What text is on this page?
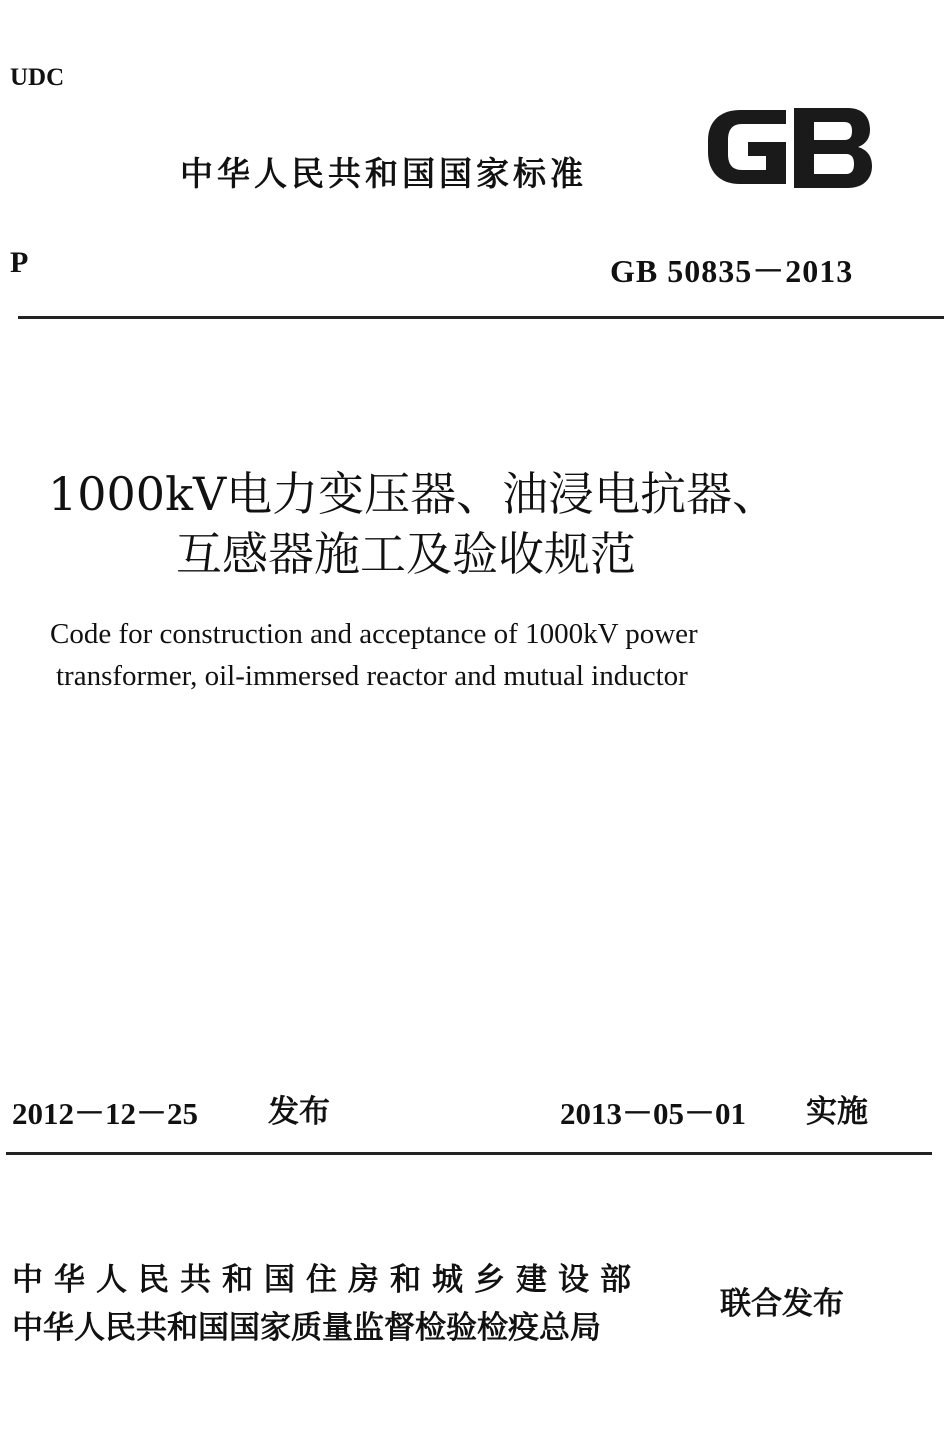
UDC
中华人民共和国国家标准
GB
P	GB 50835－2013
1000kV电力变压器、油浸电抗器、
互感器施工及验收规范
Code for construction and acceptance of 1000kV power
transformer, oil-immersed reactor and mutual inductor
2012－12－25 发布	2013－05－01 实施
中华人民共和国住房和城乡建设部
中华人民共和国国家质量监督检验检疫总局
联合发布
